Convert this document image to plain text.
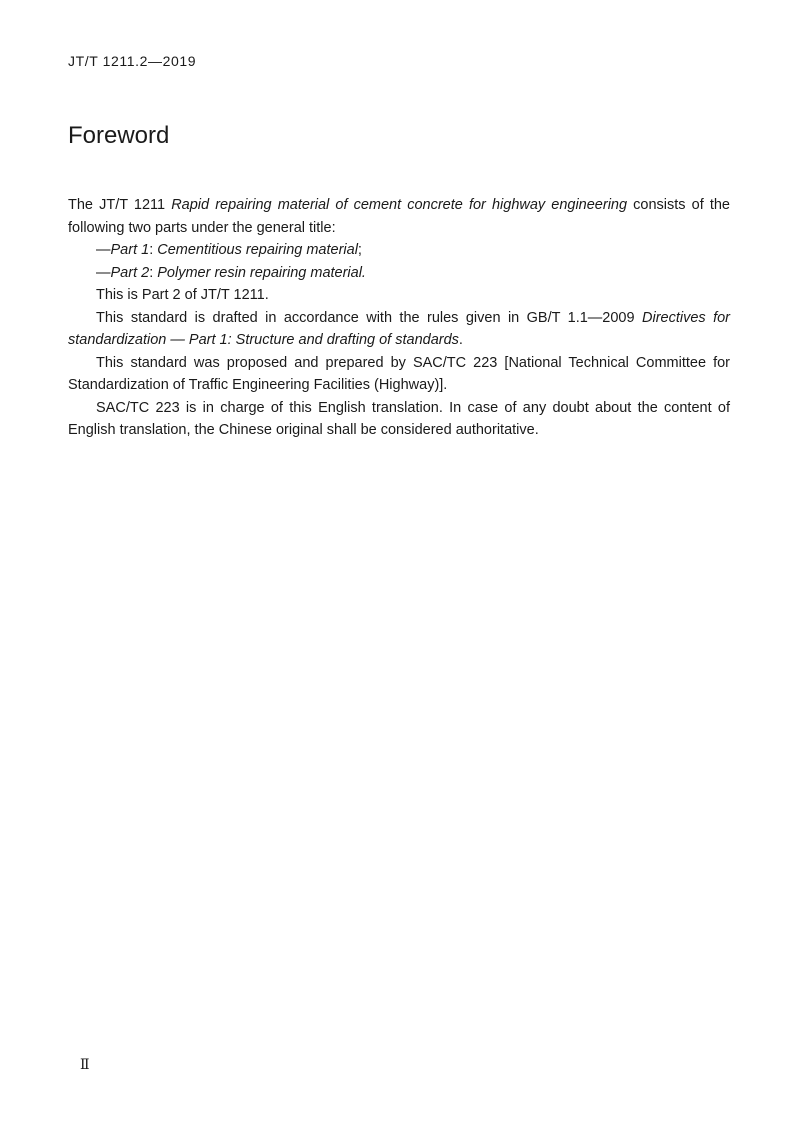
JT/T 1211.2—2019
Foreword

The JT/T 1211 Rapid repairing material of cement concrete for highway engineering consists of the following two parts under the general title:

—Part 1: Cementitious repairing material;

—Part 2: Polymer resin repairing material.

This is Part 2 of JT/T 1211.

This standard is drafted in accordance with the rules given in GB/T 1.1—2009 Directives for standardization — Part 1: Structure and drafting of standards.

This standard was proposed and prepared by SAC/TC 223 [National Technical Committee for Standardization of Traffic Engineering Facilities (Highway)].

SAC/TC 223 is in charge of this English translation. In case of any doubt about the content of English translation, the Chinese original shall be considered authoritative.

Ⅱ
